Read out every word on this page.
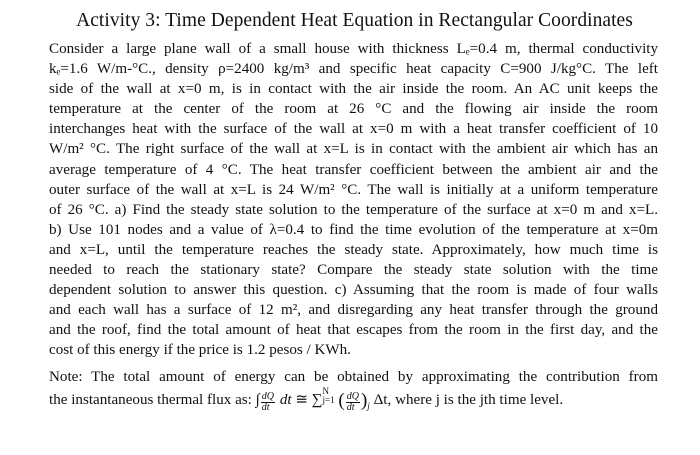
Activity 3: Time Dependent Heat Equation in Rectangular Coordinates
Consider a large plane wall of a small house with thickness Lₑ=0.4 m, thermal conductivity
kₑ=1.6 W/m-°C., density ρ=2400 kg/m³ and specific heat capacity C=900 J/kg°C. The left
side of the wall at x=0 m, is in contact with the air inside the room. An AC unit keeps the
temperature at the center of the room at 26 °C and the flowing air inside the room
interchanges heat with the surface of the wall at x=0 m with a heat transfer coefficient of 10
W/m² °C. The right surface of the wall at x=L is in contact with the ambient air which has an
average temperature of 4 °C. The heat transfer coefficient between the ambient air and the
outer surface of the wall at x=L is 24 W/m² °C. The wall is initially at a uniform temperature
of 26 °C. a) Find the steady state solution to the temperature of the surface at x=0 m and x=L.
b) Use 101 nodes and a value of λ=0.4 to find the time evolution of the temperature at x=0m
and x=L, until the temperature reaches the steady state. Approximately, how much time is
needed to reach the stationary state? Compare the steady state solution with the time
dependent solution to answer this question. c) Assuming that the room is made of four walls
and each wall has a surface of 12 m², and disregarding any heat transfer through the ground
and the roof, find the total amount of heat that escapes from the room in the first day, and the
cost of this energy if the price is 1.2 pesos / KWh.
Note: The total amount of energy can be obtained by approximating the contribution from
the instantaneous thermal flux as: ∫ $\frac{dQ}{dt}$ dt ≅ ∑
N
j=1 ( $\frac{dQ}{dt} )_j$ Δt, where j is the jth time level.
